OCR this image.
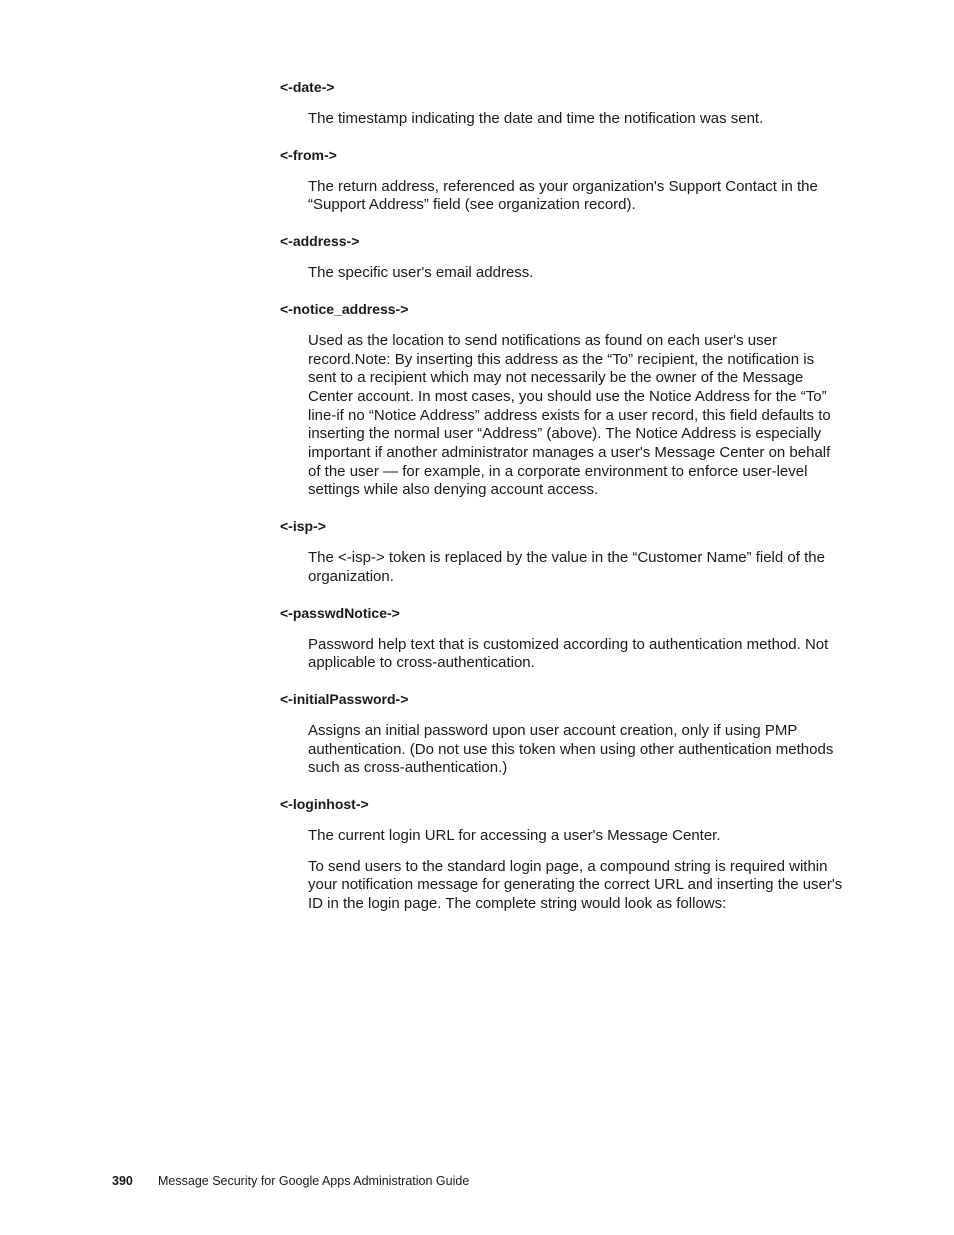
<-date->

The timestamp indicating the date and time the notification was sent.

<-from->

The return address, referenced as your organization's Support Contact in the “Support Address” field (see organization record).

<-address->

The specific user's email address.

<-notice_address->

Used as the location to send notifications as found on each user's user record.Note: By inserting this address as the “To” recipient, the notification is sent to a recipient which may not necessarily be the owner of the Message Center account. In most cases, you should use the Notice Address for the “To” line-if no “Notice Address” address exists for a user record, this field defaults to inserting the normal user “Address” (above). The Notice Address is especially important if another administrator manages a user's Message Center on behalf of the user — for example, in a corporate environment to enforce user-level settings while also denying account access.

<-isp->

The <-isp-> token is replaced by the value in the “Customer Name” field of the organization.

<-passwdNotice->

Password help text that is customized according to authentication method. Not applicable to cross-authentication.

<-initialPassword->

Assigns an initial password upon user account creation, only if using PMP authentication. (Do not use this token when using other authentication methods such as cross-authentication.)

<-loginhost->

The current login URL for accessing a user's Message Center.

To send users to the standard login page, a compound string is required within your notification message for generating the correct URL and inserting the user's ID in the login page. The complete string would look as follows:

390 Message Security for Google Apps Administration Guide
